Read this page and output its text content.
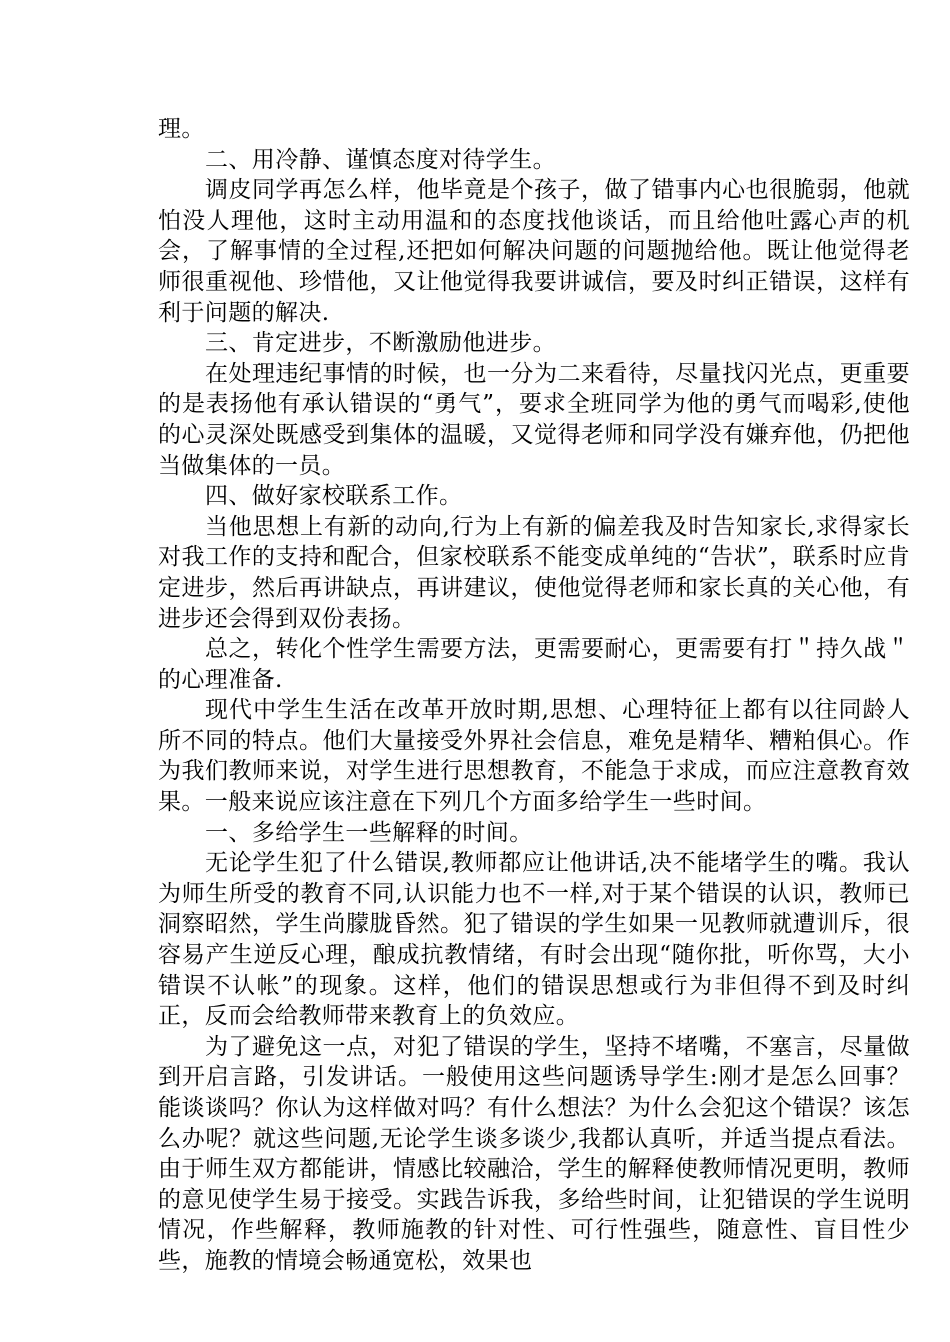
理。

二、用冷静、谨慎态度对待学生。

调皮同学再怎么样，他毕竟是个孩子，做了错事内心也很脆弱，他就怕没人理他，这时主动用温和的态度找他谈话，而且给他吐露心声的机会，了解事情的全过程,还把如何解决问题的问题抛给他。既让他觉得老师很重视他、珍惜他，又让他觉得我要讲诚信，要及时纠正错误，这样有利于问题的解决.

三、肯定进步，不断激励他进步。

在处理违纪事情的时候，也一分为二来看待，尽量找闪光点，更重要的是表扬他有承认错误的“勇气”，要求全班同学为他的勇气而喝彩,使他的心灵深处既感受到集体的温暖，又觉得老师和同学没有嫌弃他，仍把他当做集体的一员。

四、做好家校联系工作。

当他思想上有新的动向,行为上有新的偏差我及时告知家长,求得家长对我工作的支持和配合，但家校联系不能变成单纯的“告状”，联系时应肯定进步，然后再讲缺点，再讲建议，使他觉得老师和家长真的关心他，有进步还会得到双份表扬。

总之，转化个性学生需要方法，更需要耐心，更需要有打＂持久战＂的心理准备.

现代中学生生活在改革开放时期,思想、心理特征上都有以往同龄人所不同的特点。他们大量接受外界社会信息，难免是精华、糟粕俱心。作为我们教师来说，对学生进行思想教育，不能急于求成，而应注意教育效果。一般来说应该注意在下列几个方面多给学生一些时间。

一、多给学生一些解释的时间。

无论学生犯了什么错误,教师都应让他讲话,决不能堵学生的嘴。我认为师生所受的教育不同,认识能力也不一样,对于某个错误的认识，教师已洞察昭然，学生尚朦胧昏然。犯了错误的学生如果一见教师就遭训斥，很容易产生逆反心理，酿成抗教情绪，有时会出现“随你批，听你骂，大小错误不认帐”的现象。这样，他们的错误思想或行为非但得不到及时纠正，反而会给教师带来教育上的负效应。

为了避免这一点，对犯了错误的学生，坚持不堵嘴，不塞言，尽量做到开启言路，引发讲话。一般使用这些问题诱导学生:刚才是怎么回事？能谈谈吗？你认为这样做对吗？有什么想法？为什么会犯这个错误？该怎么办呢？就这些问题,无论学生谈多谈少,我都认真听，并适当提点看法。由于师生双方都能讲，情感比较融洽，学生的解释使教师情况更明，教师的意见使学生易于接受。实践告诉我，多给些时间，让犯错误的学生说明情况，作些解释，教师施教的针对性、可行性强些，随意性、盲目性少些，施教的情境会畅通宽松，效果也
